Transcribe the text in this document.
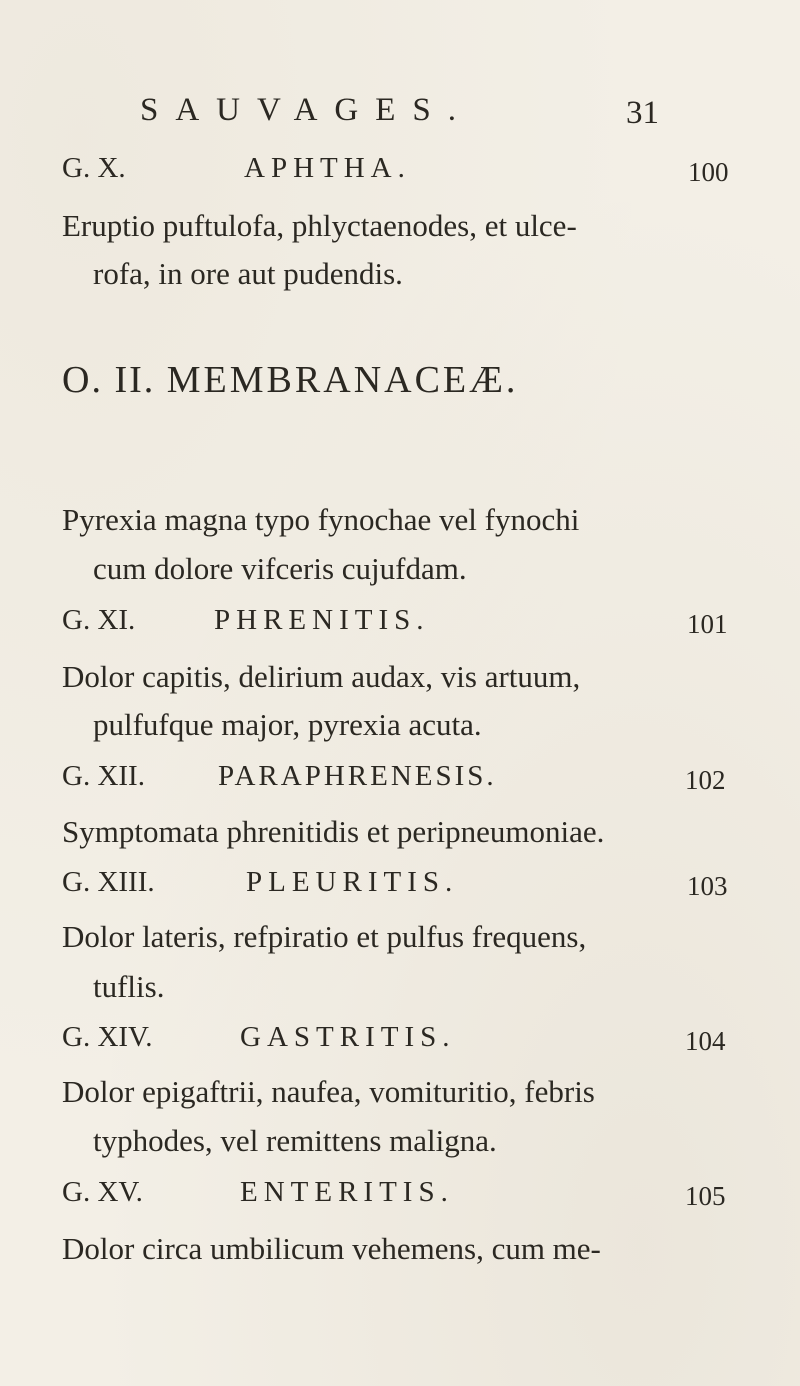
SAUVAGES.	31
G. X.	APHTHA.	100
Eruptio puftulofa, phlyctaenodes, et ulce-
rofa, in ore aut pudendis.
O. II. MEMBRANACEÆ.
Pyrexia magna typo fynochae vel fynochi
cum dolore vifceris cujufdam.
G. XI.	PHRENITIS.	101
Dolor capitis, delirium audax, vis artuum,
pulfufque major, pyrexia acuta.
G. XII.	PARAPHRENESIS.	102
Symptomata phrenitidis et peripneumoniae.
G. XIII.	PLEURITIS.	103
Dolor lateris, refpiratio et pulfus frequens,
tuflis.
G. XIV.	GASTRITIS.	104
Dolor epigaftrii, naufea, vomituritio, febris
typhodes, vel remittens maligna.
G. XV.	ENTERITIS.	105
Dolor circa umbilicum vehemens, cum me-
